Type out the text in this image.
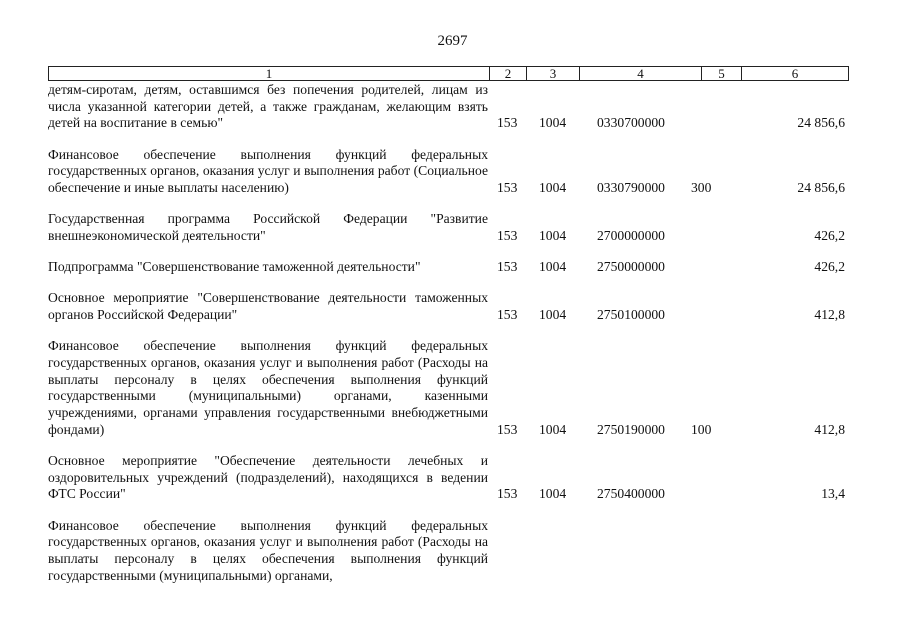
2697
1	2	3	4	5	6
детям-сиротам, детям, оставшимся без попечения родителей, лицам из числа указанной категории детей, а также гражданам, желающим взять детей на воспитание в семью"	153 1004 0330700000	24 856,6
Финансовое обеспечение выполнения функций федеральных государственных органов, оказания услуг и выполнения работ (Социальное обеспечение и иные выплаты населению)	153 1004 0330790000 300	24 856,6
Государственная программа Российской Федерации "Развитие внешнеэкономической деятельности"	153 1004 2700000000	426,2
Подпрограмма "Совершенствование таможенной деятельности"	153 1004 2750000000	426,2
Основное мероприятие "Совершенствование деятельности таможенных органов Российской Федерации"	153 1004 2750100000	412,8
Финансовое обеспечение выполнения функций федеральных государственных органов, оказания услуг и выполнения работ (Расходы на выплаты персоналу в целях обеспечения выполнения функций государственными (муниципальными) органами, казенными учреждениями, органами управления государственными внебюджетными фондами)	153 1004 2750190000 100	412,8
Основное мероприятие "Обеспечение деятельности лечебных и оздоровительных учреждений (подразделений), находящихся в ведении ФТС России"	153 1004 2750400000	13,4
Финансовое обеспечение выполнения функций федеральных государственных органов, оказания услуг и выполнения работ (Расходы на выплаты персоналу в целях обеспечения выполнения функций государственными (муниципальными) органами,
